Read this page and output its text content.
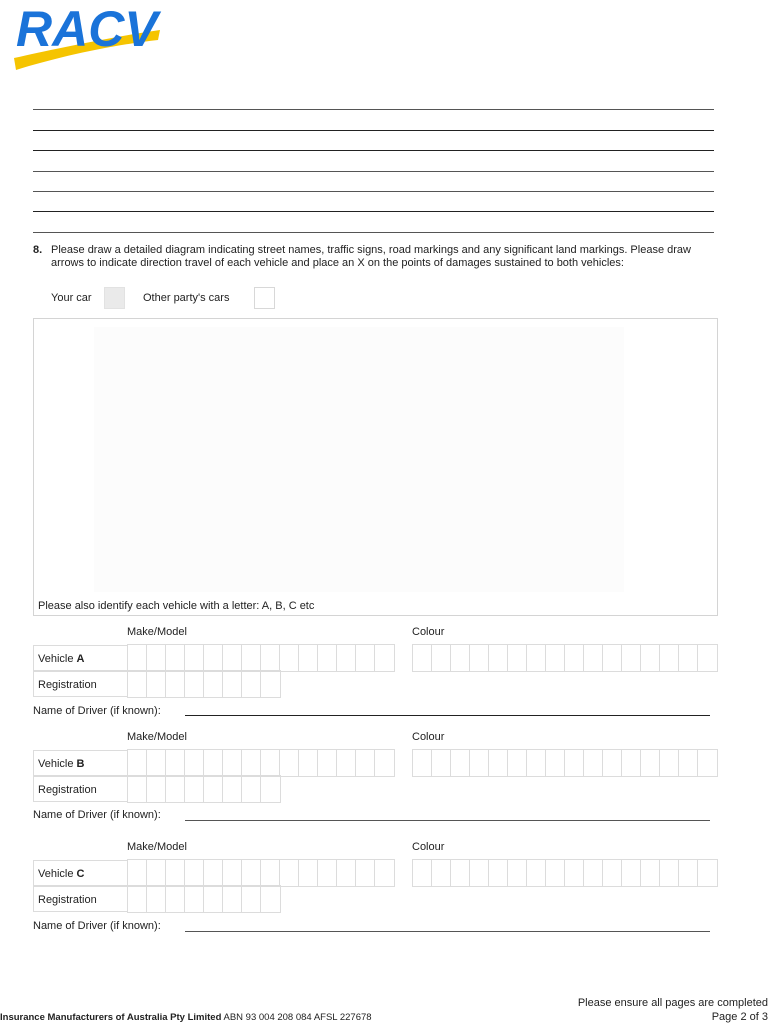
RACV
8. Please draw a detailed diagram indicating street names, traffic signs, road markings and any significant land markings. Please draw arrows to indicate direction travel of each vehicle and place an X on the points of damages sustained to both vehicles:
Your car	Other party's cars
Please also identify each vehicle with a letter: A, B, C etc
Make/Model	Colour
Vehicle A
Registration
Name of Driver (if known):
Make/Model	Colour
Vehicle B
Registration
Name of Driver (if known):
Make/Model	Colour
Vehicle C
Registration
Name of Driver (if known):
Insurance Manufacturers of Australia Pty Limited ABN 93 004 208 084 AFSL 227678
Please ensure all pages are completed
Page 2 of 3
